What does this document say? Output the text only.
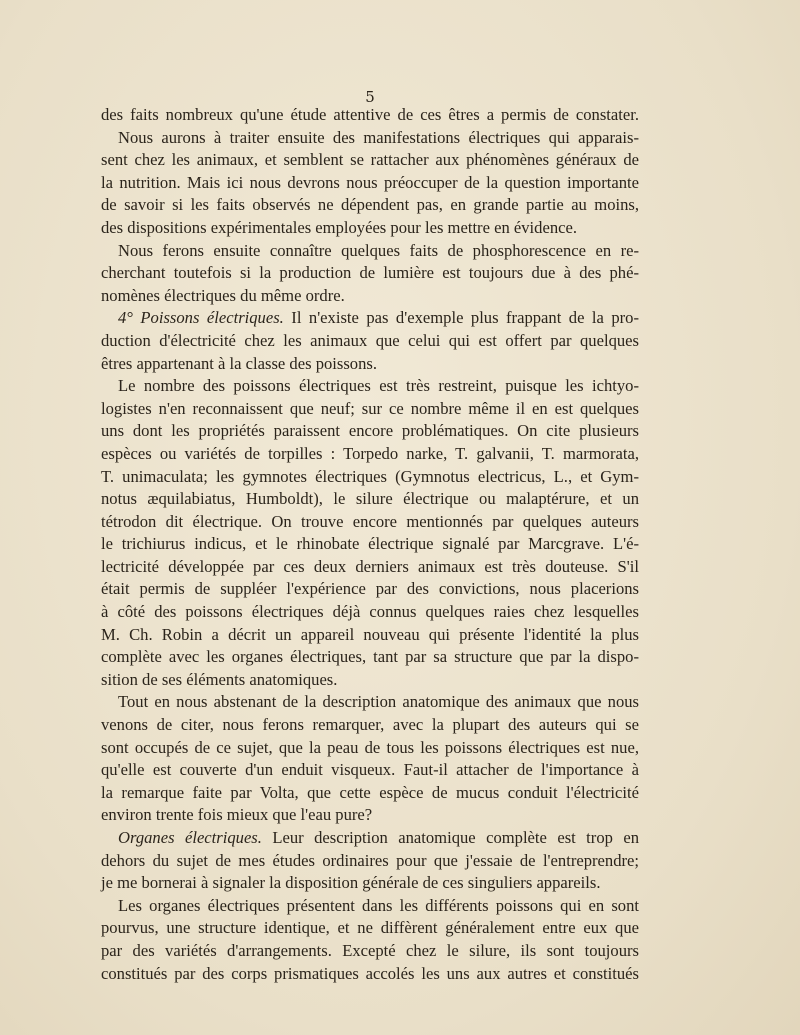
5

des faits nombreux qu'une étude attentive de ces êtres a permis de constater.

Nous aurons à traiter ensuite des manifestations électriques qui apparais-

sent chez les animaux, et semblent se rattacher aux phénomènes généraux de

la nutrition. Mais ici nous devrons nous préoccuper de la question importante

de savoir si les faits observés ne dépendent pas, en grande partie au moins,

des dispositions expérimentales employées pour les mettre en évidence.

Nous ferons ensuite connaître quelques faits de phosphorescence en re-

cherchant toutefois si la production de lumière est toujours due à des phé-

nomènes électriques du même ordre.

4° Poissons électriques. Il n'existe pas d'exemple plus frappant de la pro-

duction d'électricité chez les animaux que celui qui est offert par quelques

êtres appartenant à la classe des poissons.

Le nombre des poissons électriques est très restreint, puisque les ichtyo-

logistes n'en reconnaissent que neuf; sur ce nombre même il en est quelques

uns dont les propriétés paraissent encore problématiques. On cite plusieurs

espèces ou variétés de torpilles : Torpedo narke, T. galvanii, T. marmorata,

T. unimaculata; les gymnotes électriques (Gymnotus electricus, L., et Gym-

notus æquilabiatus, Humboldt), le silure électrique ou malaptérure, et un

tétrodon dit électrique. On trouve encore mentionnés par quelques auteurs

le trichiurus indicus, et le rhinobate électrique signalé par Marcgrave. L'é-

lectricité développée par ces deux derniers animaux est très douteuse. S'il

était permis de suppléer l'expérience par des convictions, nous placerions

à côté des poissons électriques déjà connus quelques raies chez lesquelles

M. Ch. Robin a décrit un appareil nouveau qui présente l'identité la plus

complète avec les organes électriques, tant par sa structure que par la dispo-

sition de ses éléments anatomiques.

Tout en nous abstenant de la description anatomique des animaux que nous

venons de citer, nous ferons remarquer, avec la plupart des auteurs qui se

sont occupés de ce sujet, que la peau de tous les poissons électriques est nue,

qu'elle est couverte d'un enduit visqueux. Faut-il attacher de l'importance à

la remarque faite par Volta, que cette espèce de mucus conduit l'électricité

environ trente fois mieux que l'eau pure?

Organes électriques. Leur description anatomique complète est trop en

dehors du sujet de mes études ordinaires pour que j'essaie de l'entreprendre;

je me bornerai à signaler la disposition générale de ces singuliers appareils.

Les organes électriques présentent dans les différents poissons qui en sont

pourvus, une structure identique, et ne diffèrent généralement entre eux que

par des variétés d'arrangements. Excepté chez le silure, ils sont toujours

constitués par des corps prismatiques accolés les uns aux autres et constitués
